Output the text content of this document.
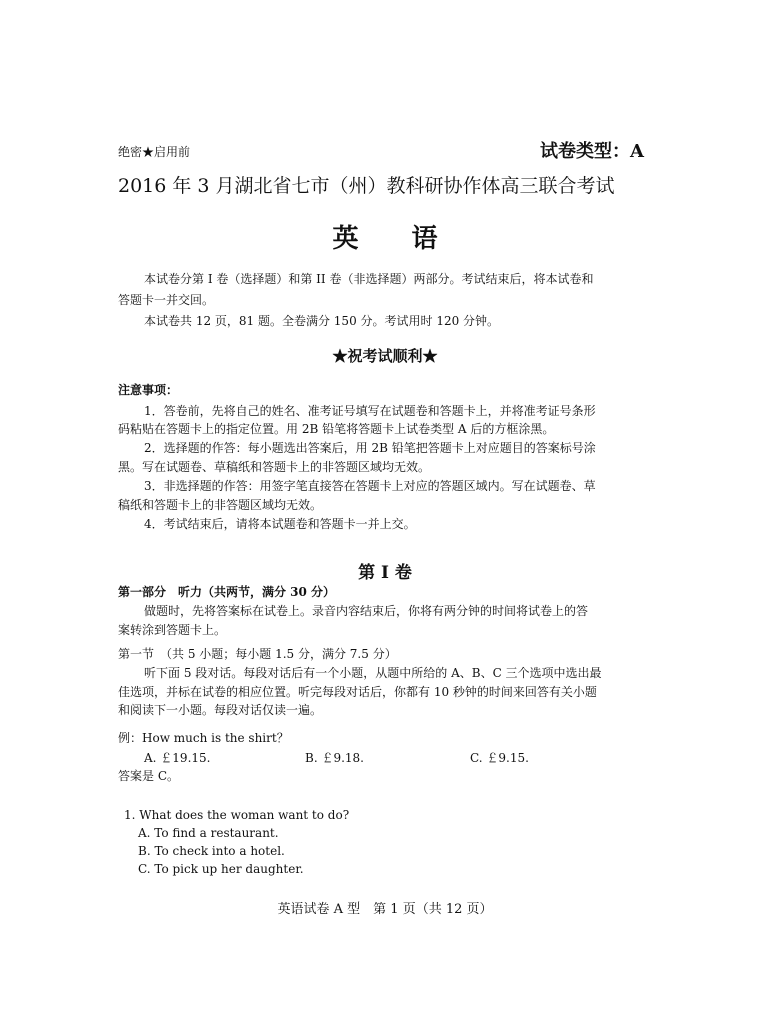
绝密★启用前	试卷类型：A
2016 年 3 月湖北省七市（州）教科研协作体高三联合考试
英 语
本试卷分第 I 卷（选择题）和第 II 卷（非选择题）两部分。考试结束后，将本试卷和
答题卡一并交回。
本试卷共 12 页，81 题。全卷满分 150 分。考试用时 120 分钟。
★祝考试顺利★
注意事项：
1．答卷前，先将自己的姓名、准考证号填写在试题卷和答题卡上，并将准考证号条形
码粘贴在答题卡上的指定位置。用 2B 铅笔将答题卡上试卷类型 A 后的方框涂黑。
2．选择题的作答：每小题选出答案后，用 2B 铅笔把答题卡上对应题目的答案标号涂
黑。写在试题卷、草稿纸和答题卡上的非答题区域均无效。
3．非选择题的作答：用签字笔直接答在答题卡上对应的答题区域内。写在试题卷、草
稿纸和答题卡上的非答题区域均无效。
4．考试结束后，请将本试题卷和答题卡一并上交。
第 I 卷
第一部分　听力（共两节，满分 30 分）
做题时，先将答案标在试卷上。录音内容结束后，你将有两分钟的时间将试卷上的答
案转涂到答题卡上。
第一节　（共 5 小题；每小题 1.5 分，满分 7.5 分）
听下面 5 段对话。每段对话后有一个小题，从题中所给的 A、B、C 三个选项中选出最
佳选项，并标在试卷的相应位置。听完每段对话后，你都有 10 秒钟的时间来回答有关小题
和阅读下一小题。每段对话仅读一遍。
例：How much is the shirt？
A. ￡19.15.	B. ￡9.18.	C. ￡9.15.
答案是 C。
1. What does the woman want to do?
A. To find a restaurant.
B. To check into a hotel.
C. To pick up her daughter.
英语试卷 A 型　第 1 页（共 12 页）
